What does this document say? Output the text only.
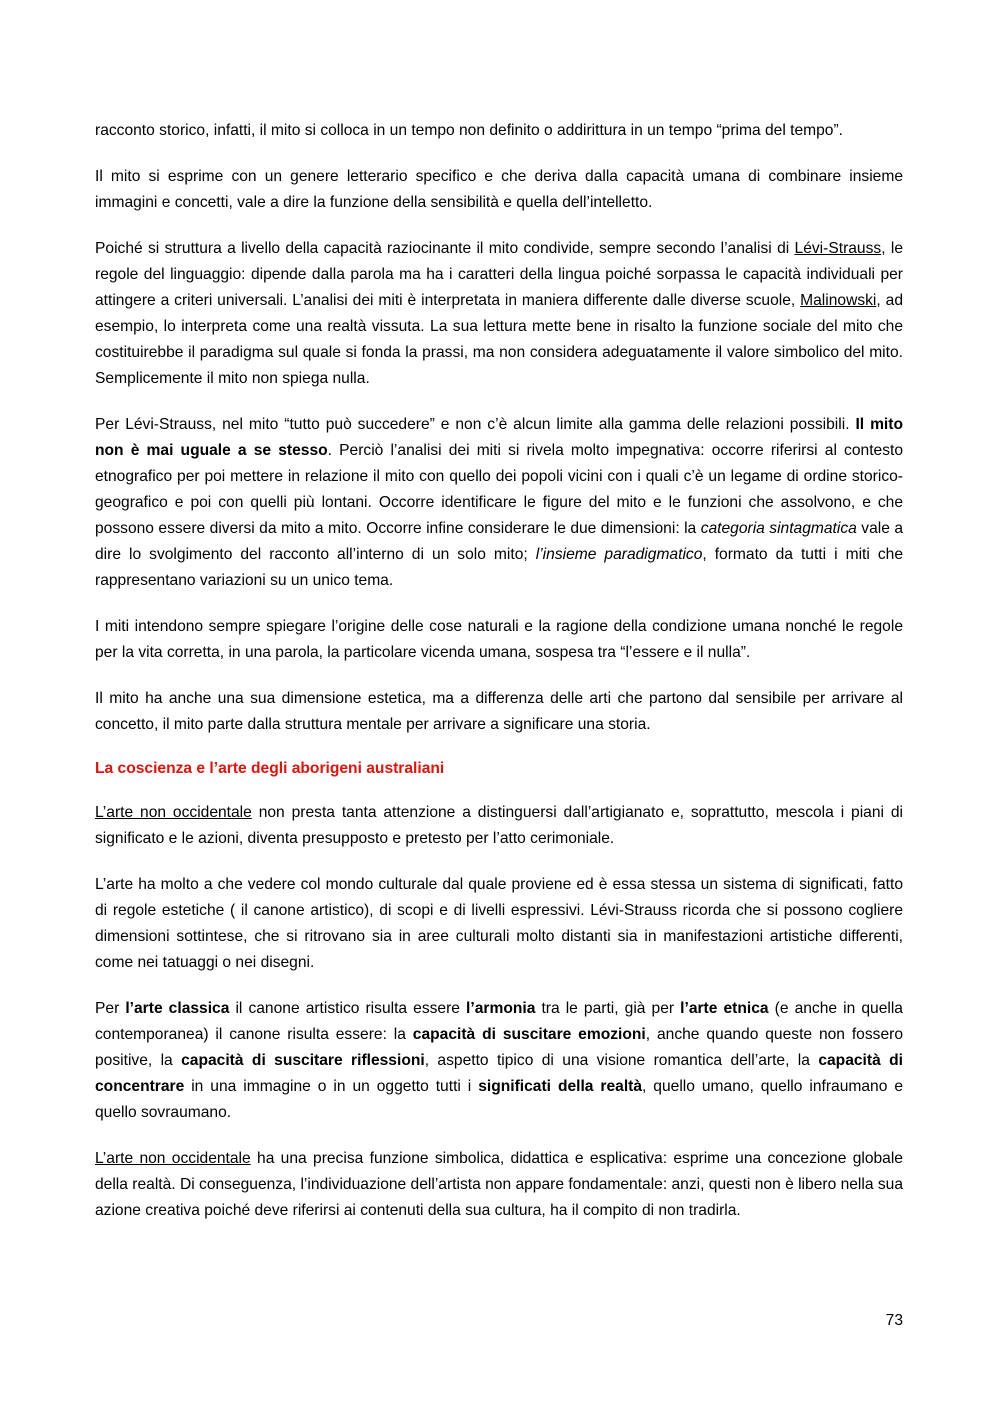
racconto storico, infatti, il mito si colloca in un tempo non definito o addirittura in un tempo “prima del tempo”.

Il mito si esprime con un genere letterario specifico e che deriva dalla capacità umana di combinare insieme immagini e concetti, vale a dire la funzione della sensibilità e quella dell’intelletto.

Poiché si struttura a livello della capacità raziocinante il mito condivide, sempre secondo l’analisi di Lévi-Strauss, le regole del linguaggio: dipende dalla parola ma ha i caratteri della lingua poiché sorpassa le capacità individuali per attingere a criteri universali. L’analisi dei miti è interpretata in maniera differente dalle diverse scuole, Malinowski, ad esempio, lo interpreta come una realtà vissuta. La sua lettura mette bene in risalto la funzione sociale del mito che costituirebbe il paradigma sul quale si fonda la prassi, ma non considera adeguatamente il valore simbolico del mito. Semplicemente il mito non spiega nulla.

Per Lévi-Strauss, nel mito “tutto può succedere” e non c’è alcun limite alla gamma delle relazioni possibili. Il mito non è mai uguale a se stesso. Perciò l’analisi dei miti si rivela molto impegnativa: occorre riferirsi al contesto etnografico per poi mettere in relazione il mito con quello dei popoli vicini con i quali c’è un legame di ordine storico-geografico e poi con quelli più lontani. Occorre identificare le figure del mito e le funzioni che assolvono, e che possono essere diversi da mito a mito. Occorre infine considerare le due dimensioni: la categoria sintagmatica vale a dire lo svolgimento del racconto all’interno di un solo mito; l’insieme paradigmatico, formato da tutti i miti che rappresentano variazioni su un unico tema.

I miti intendono sempre spiegare l’origine delle cose naturali e la ragione della condizione umana nonché le regole per la vita corretta, in una parola, la particolare vicenda umana, sospesa tra “l’essere e il nulla”.

Il mito ha anche una sua dimensione estetica, ma a differenza delle arti che partono dal sensibile per arrivare al concetto, il mito parte dalla struttura mentale per arrivare a significare una storia.

La coscienza e l’arte degli aborigeni australiani

L’arte non occidentale non presta tanta attenzione a distinguersi dall’artigianato e, soprattutto, mescola i piani di significato e le azioni, diventa presupposto e pretesto per l’atto cerimoniale.

L’arte ha molto a che vedere col mondo culturale dal quale proviene ed è essa stessa un sistema di significati, fatto di regole estetiche ( il canone artistico), di scopi e di livelli espressivi. Lévi-Strauss ricorda che si possono cogliere dimensioni sottintese, che si ritrovano sia in aree culturali molto distanti sia in manifestazioni artistiche differenti, come nei tatuaggi o nei disegni.

Per l’arte classica il canone artistico risulta essere l’armonia tra le parti, già per l’arte etnica (e anche in quella contemporanea) il canone risulta essere: la capacità di suscitare emozioni, anche quando queste non fossero positive, la capacità di suscitare riflessioni, aspetto tipico di una visione romantica dell’arte, la capacità di concentrare in una immagine o in un oggetto tutti i significati della realtà, quello umano, quello infraumano e quello sovraumano.

L’arte non occidentale ha una precisa funzione simbolica, didattica e esplicativa: esprime una concezione globale della realtà. Di conseguenza, l’individuazione dell’artista non appare fondamentale: anzi, questi non è libero nella sua azione creativa poiché deve riferirsi ai contenuti della sua cultura, ha il compito di non tradirla.

73
